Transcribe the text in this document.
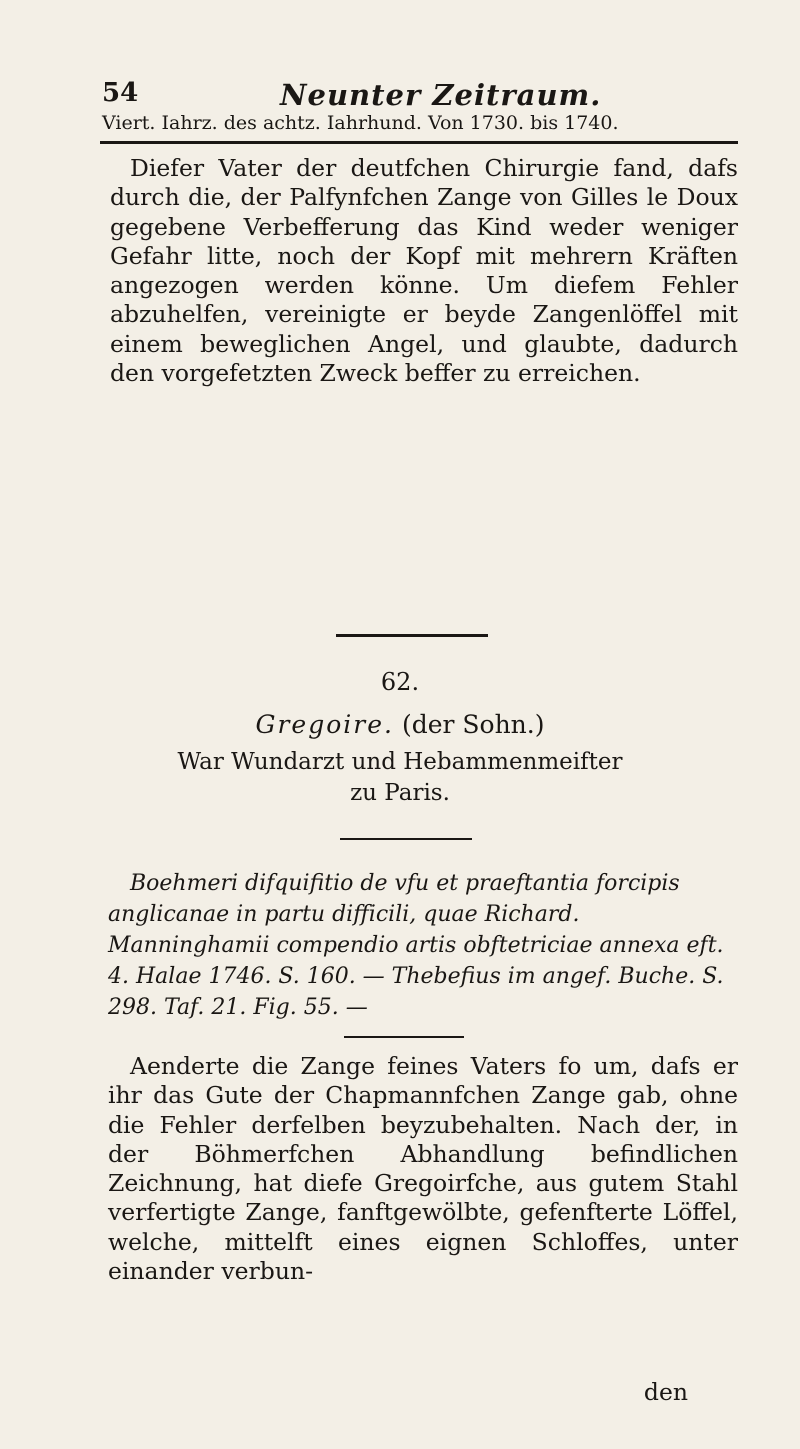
54	Neunter Zeitraum.
Viert. Iahrz. des achtz. Iahrhund. Von 1730. bis 1740.
Diefer Vater der deutfchen Chirurgie fand, dafs durch die, der Palfynfchen Zange von Gilles le Doux gegebene Verbefferung das Kind weder weniger Gefahr litte, noch der Kopf mit mehrern Kräften angezogen werden könne. Um diefem Fehler abzuhelfen, vereinigte er beyde Zangenlöffel mit einem beweglichen Angel, und glaubte, dadurch den vorgefetzten Zweck beffer zu erreichen.
62.
Gregoire. (der Sohn.)
War Wundarzt und Hebammenmeifter
zu Paris.
Boehmeri difquifitio de vfu et praeftantia forcipis anglicanae in partu difficili, quae Richard. Manninghamii compendio artis obftetriciae annexa eft. 4. Halae 1746. S. 160. — Thebefius im angef. Buche. S. 298. Taf. 21. Fig. 55. —
Aenderte die Zange feines Vaters fo um, dafs er ihr das Gute der Chapmannfchen Zange gab, ohne die Fehler derfelben beyzubehalten. Nach der, in der Böhmerfchen Abhandlung befindlichen Zeichnung, hat diefe Gregoirfche, aus gutem Stahl verfertigte Zange, fanftgewölbte, gefenfterte Löffel, welche, mittelft eines eignen Schloffes, unter einander verbun-
den
